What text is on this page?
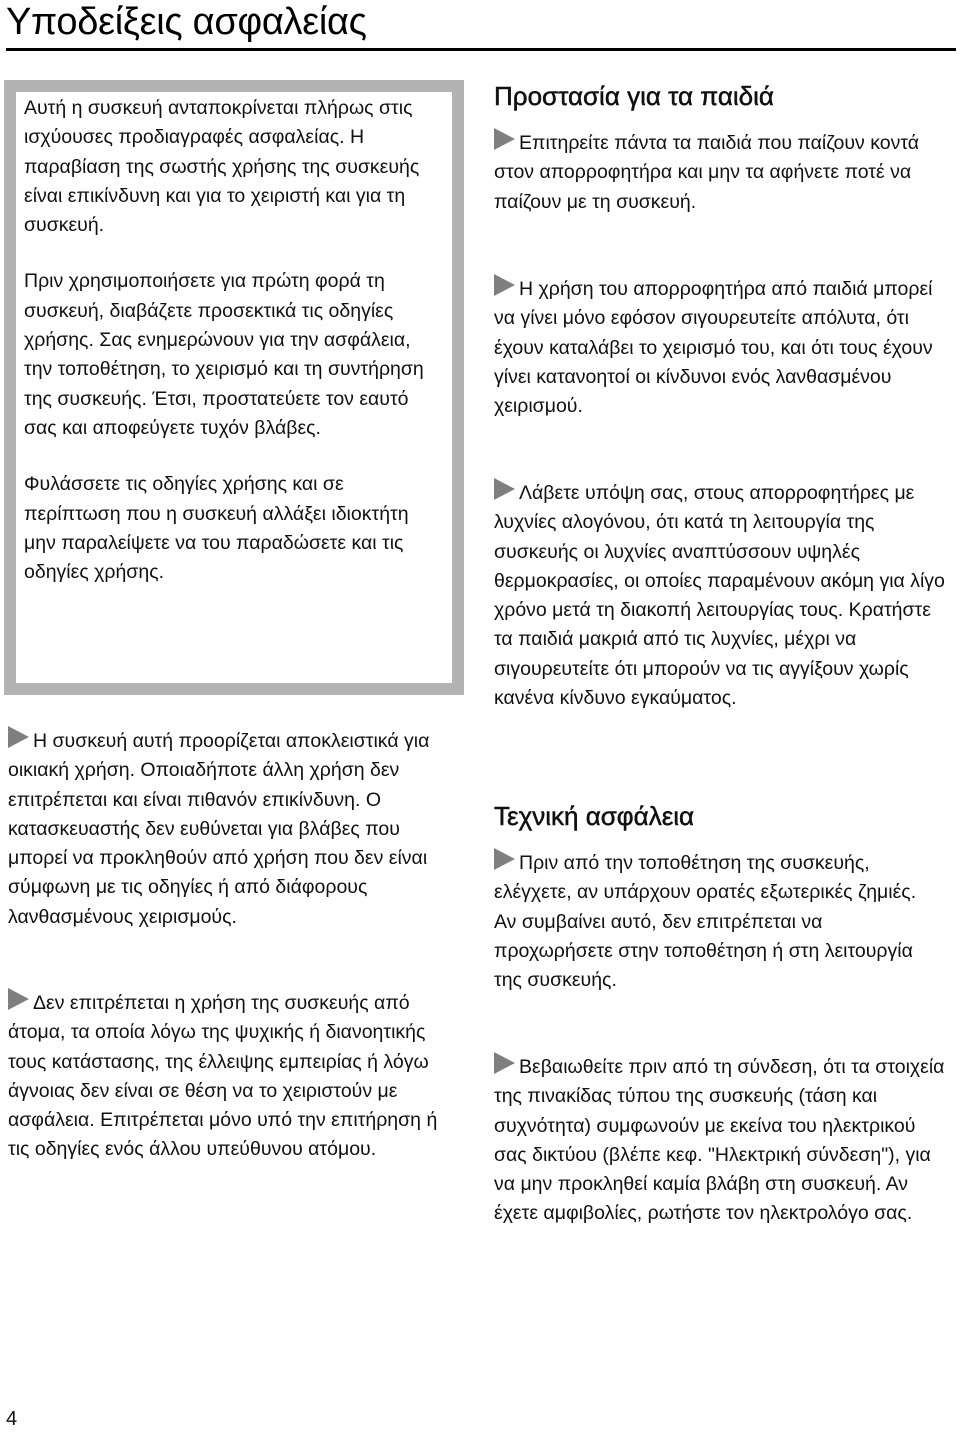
Υποδείξεις ασφαλείας

Αυτή η συσκευή ανταποκρίνεται πλήρως στις ισχύουσες προδιαγραφές ασφαλείας. Η παραβίαση της σωστής χρήσης της συσκευής είναι επικίνδυνη και για το χειριστή και για τη συσκευή.

Πριν χρησιμοποιήσετε για πρώτη φορά τη συσκευή, διαβάζετε προσεκτικά τις οδηγίες χρήσης. Σας ενημερώνουν για την ασφάλεια, την τοποθέτηση, το χειρισμό και τη συντήρηση της συσκευής. Έτσι, προστατεύετε τον εαυτό σας και αποφεύγετε τυχόν βλάβες.

Φυλάσσετε τις οδηγίες χρήσης και σε περίπτωση που η συσκευή αλλάξει ιδιοκτήτη μην παραλείψετε να του παραδώσετε και τις οδηγίες χρήσης.

Η συσκευή αυτή προορίζεται αποκλειστικά για οικιακή χρήση. Οποιαδήποτε άλλη χρήση δεν επιτρέπεται και είναι πιθανόν επικίνδυνη. Ο κατασκευαστής δεν ευθύνεται για βλάβες που μπορεί να προκληθούν από χρήση που δεν είναι σύμφωνη με τις οδηγίες ή από διάφορους λανθασμένους χειρισμούς.

Δεν επιτρέπεται η χρήση της συσκευής από άτομα, τα οποία λόγω της ψυχικής ή διανοητικής τους κατάστασης, της έλλειψης εμπειρίας ή λόγω άγνοιας δεν είναι σε θέση να το χειριστούν με ασφάλεια. Επιτρέπεται μόνο υπό την επιτήρηση ή τις οδηγίες ενός άλλου υπεύθυνου ατόμου.

Προστασία για τα παιδιά

Επιτηρείτε πάντα τα παιδιά που παίζουν κοντά στον απορροφητήρα και μην τα αφήνετε ποτέ να παίζουν με τη συσκευή.

Η χρήση του απορροφητήρα από παιδιά μπορεί να γίνει μόνο εφόσον σιγουρευτείτε απόλυτα, ότι έχουν καταλάβει το χειρισμό του, και ότι τους έχουν γίνει κατανοητοί οι κίνδυνοι ενός λανθασμένου χειρισμού.

Λάβετε υπόψη σας, στους απορροφητήρες με λυχνίες αλογόνου, ότι κατά τη λειτουργία της συσκευής οι λυχνίες αναπτύσσουν υψηλές θερμοκρασίες, οι οποίες παραμένουν ακόμη για λίγο χρόνο μετά τη διακοπή λειτουργίας τους. Κρατήστε τα παιδιά μακριά από τις λυχνίες, μέχρι να σιγουρευτείτε ότι μπορούν να τις αγγίξουν χωρίς κανένα κίνδυνο εγκαύματος.

Τεχνική ασφάλεια

Πριν από την τοποθέτηση της συσκευής, ελέγχετε, αν υπάρχουν ορατές εξωτερικές ζημιές.

Αν συμβαίνει αυτό, δεν επιτρέπεται να προχωρήσετε στην τοποθέτηση ή στη λειτουργία της συσκευής.

Βεβαιωθείτε πριν από τη σύνδεση, ότι τα στοιχεία της πινακίδας τύπου της συσκευής (τάση και συχνότητα) συμφωνούν με εκείνα του ηλεκτρικού σας δικτύου (βλέπε κεφ. "Ηλεκτρική σύνδεση"), για να μην προκληθεί καμία βλάβη στη συσκευή. Αν έχετε αμφιβολίες, ρωτήστε τον ηλεκτρολόγο σας.

4
